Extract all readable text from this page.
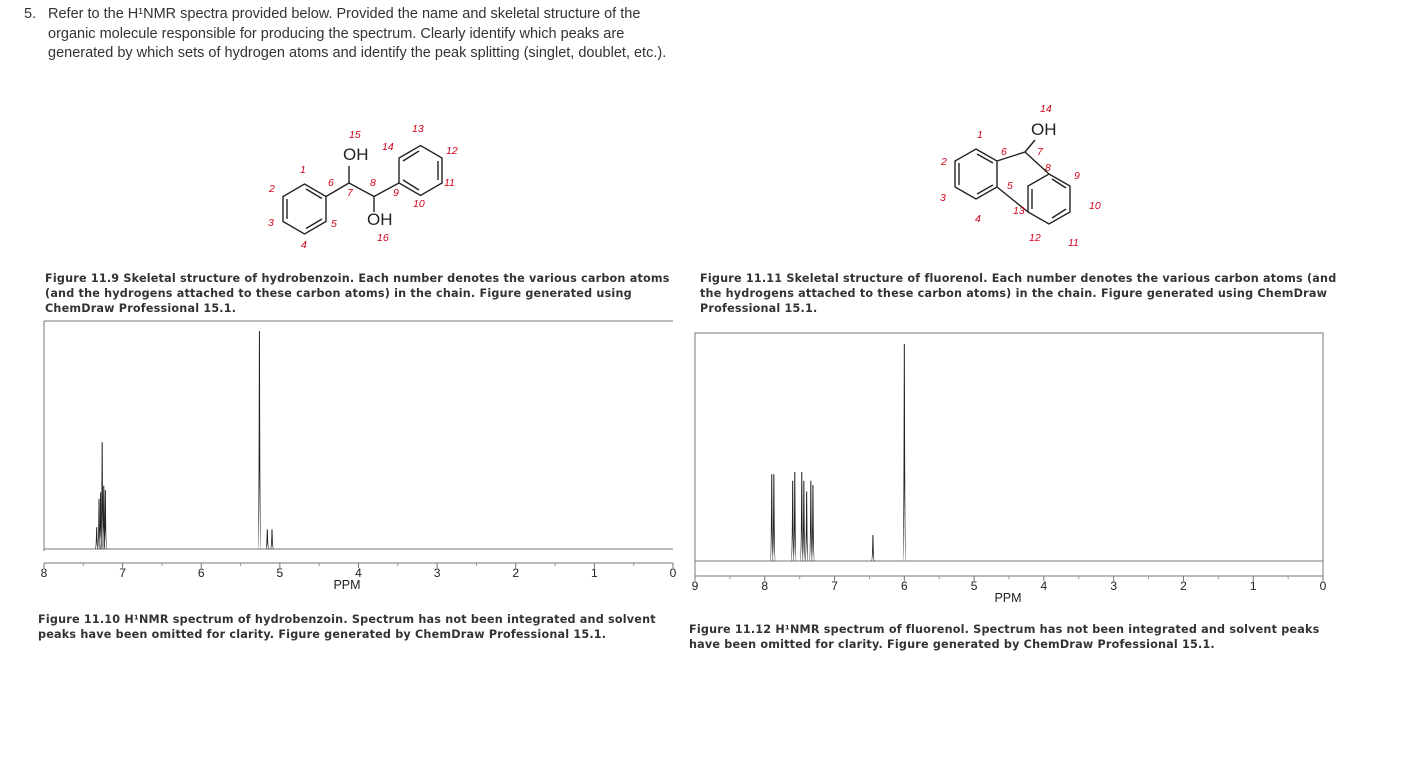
5. Refer to the H¹NMR spectra provided below. Provided the name and skeletal structure of the organic molecule responsible for producing the spectrum. Clearly identify which peaks are generated by which sets of hydrogen atoms and identify the peak splitting (singlet, doublet, etc.).
OH
OH
1
2
3
4
5
6
7
8
9
10
11
12
13
14
15
16
Figure 11.9 Skeletal structure of hydrobenzoin. Each number denotes the various carbon atoms (and the hydrogens attached to these carbon atoms) in the chain. Figure generated using ChemDraw Professional 15.1.
OH
1
2
3
4
5
6	7
8
9
10
11
12
13
14
Figure 11.11 Skeletal structure of fluorenol. Each number denotes the various carbon atoms (and the hydrogens attached to these carbon atoms) in the chain. Figure generated using ChemDraw Professional 15.1.
8	7	6	5	4	3	2	1	0
PPM
Figure 11.10 H¹NMR spectrum of hydrobenzoin. Spectrum has not been integrated and solvent peaks have been omitted for clarity. Figure generated by ChemDraw Professional 15.1.
9	8	7	6	5	4	3	2	1	0
PPM
Figure 11.12 H¹NMR spectrum of fluorenol. Spectrum has not been integrated and solvent peaks have been omitted for clarity. Figure generated by ChemDraw Professional 15.1.
